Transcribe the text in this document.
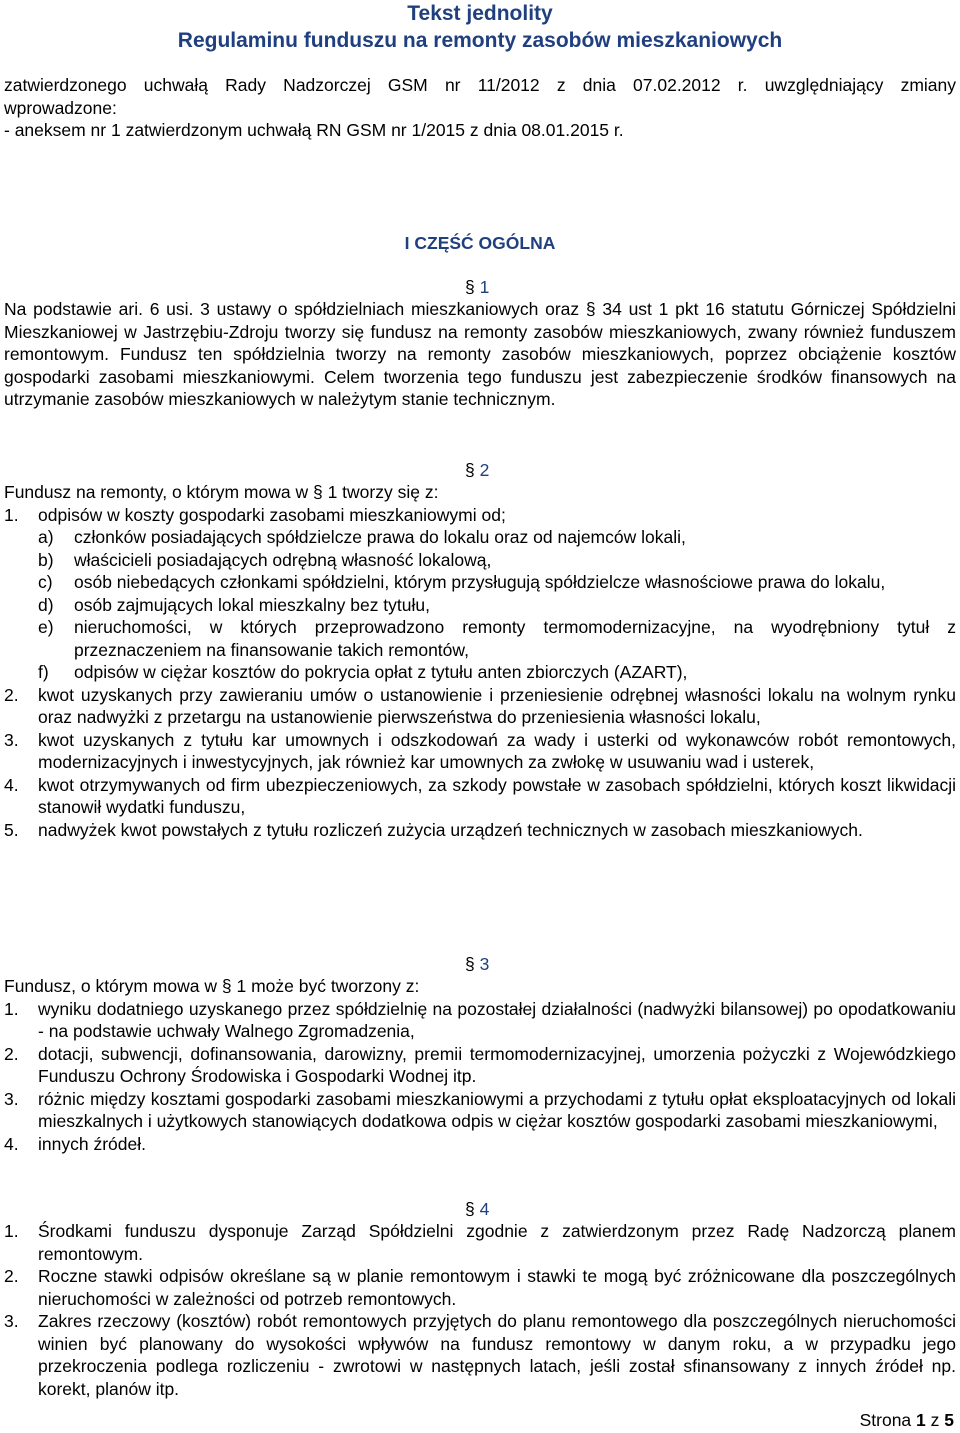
Tekst jednolity

Regulaminu funduszu na remonty zasobów mieszkaniowych

zatwierdzonego uchwałą Rady Nadzorczej GSM nr 11/2012 z dnia 07.02.2012 r. uwzględniający zmiany
wprowadzone:
- aneksem nr 1 zatwierdzonym uchwałą RN GSM nr 1/2015 z dnia 08.01.2015 r.
I CZĘŚĆ OGÓLNA
§ 1
Na podstawie ari. 6 usi. 3 ustawy o spółdzielniach mieszkaniowych oraz § 34 ust 1 pkt 16 statutu Górniczej Spółdzielni Mieszkaniowej w Jastrzębiu-Zdroju tworzy się fundusz na remonty zasobów mieszkaniowych, zwany również funduszem remontowym. Fundusz ten spółdzielnia tworzy na remonty zasobów mieszkaniowych, poprzez obciążenie kosztów gospodarki zasobami mieszkaniowymi. Celem tworzenia tego funduszu jest zabezpieczenie środków finansowych na utrzymanie zasobów mieszkaniowych w należytym stanie technicznym.
§ 2
Fundusz na remonty, o którym mowa w § 1 tworzy się z:
1.	odpisów w koszty gospodarki zasobami mieszkaniowymi od;
a)	członków posiadających spółdzielcze prawa do lokalu oraz od najemców lokali,
b)	właścicieli posiadających odrębną własność lokalową,
c)	osób niebedących członkami spółdzielni, którym przysługują spółdzielcze własnościowe prawa do lokalu,
d)	osób zajmujących lokal mieszkalny bez tytułu,
e)	nieruchomości, w których przeprowadzono remonty termomodernizacyjne, na wyodrębniony tytuł z przeznaczeniem na finansowanie takich remontów,
f)	odpisów w ciężar kosztów do pokrycia opłat z tytułu anten zbiorczych (AZART),
2.	kwot uzyskanych przy zawieraniu umów o ustanowienie i przeniesienie odrębnej własności lokalu na wolnym rynku oraz nadwyżki z przetargu na ustanowienie pierwszeństwa do przeniesienia własności lokalu,
3.	kwot uzyskanych z tytułu kar umownych i odszkodowań za wady i usterki od wykonawców robót remontowych, modernizacyjnych i inwestycyjnych, jak również kar umownych za zwłokę w usuwaniu wad i usterek,
4.	kwot otrzymywanych od firm ubezpieczeniowych, za szkody powstałe w zasobach spółdzielni, których koszt likwidacji stanowił wydatki funduszu,
5.	nadwyżek kwot powstałych z tytułu rozliczeń zużycia urządzeń technicznych w zasobach mieszkaniowych.
§ 3
Fundusz, o którym mowa w § 1 może być tworzony z:
1.	wyniku dodatniego uzyskanego przez spółdzielnię na pozostałej działalności (nadwyżki bilansowej) po opodatkowaniu - na podstawie uchwały Walnego Zgromadzenia,
2.	dotacji, subwencji, dofinansowania, darowizny, premii termomodernizacyjnej, umorzenia pożyczki z Wojewódzkiego Funduszu Ochrony Środowiska i Gospodarki Wodnej itp.
3.	różnic między kosztami gospodarki zasobami mieszkaniowymi a przychodami z tytułu opłat eksploatacyjnych od lokali mieszkalnych i użytkowych stanowiących dodatkowa odpis w ciężar kosztów gospodarki zasobami mieszkaniowymi,
4.	innych źródeł.
§ 4
1.	Środkami funduszu dysponuje Zarząd Spółdzielni zgodnie z zatwierdzonym przez Radę Nadzorczą planem remontowym.
2.	Roczne stawki odpisów określane są w planie remontowym i stawki te mogą być zróżnicowane dla poszczególnych nieruchomości w zależności od potrzeb remontowych.
3.	Zakres rzeczowy (kosztów) robót remontowych przyjętych do planu remontowego dla poszczególnych nieruchomości winien być planowany do wysokości wpływów na fundusz remontowy w danym roku, a w przypadku jego przekroczenia podlega rozliczeniu - zwrotowi w następnych latach, jeśli został sfinansowany z innych źródeł np. korekt, planów itp.
Strona 1 z 5
